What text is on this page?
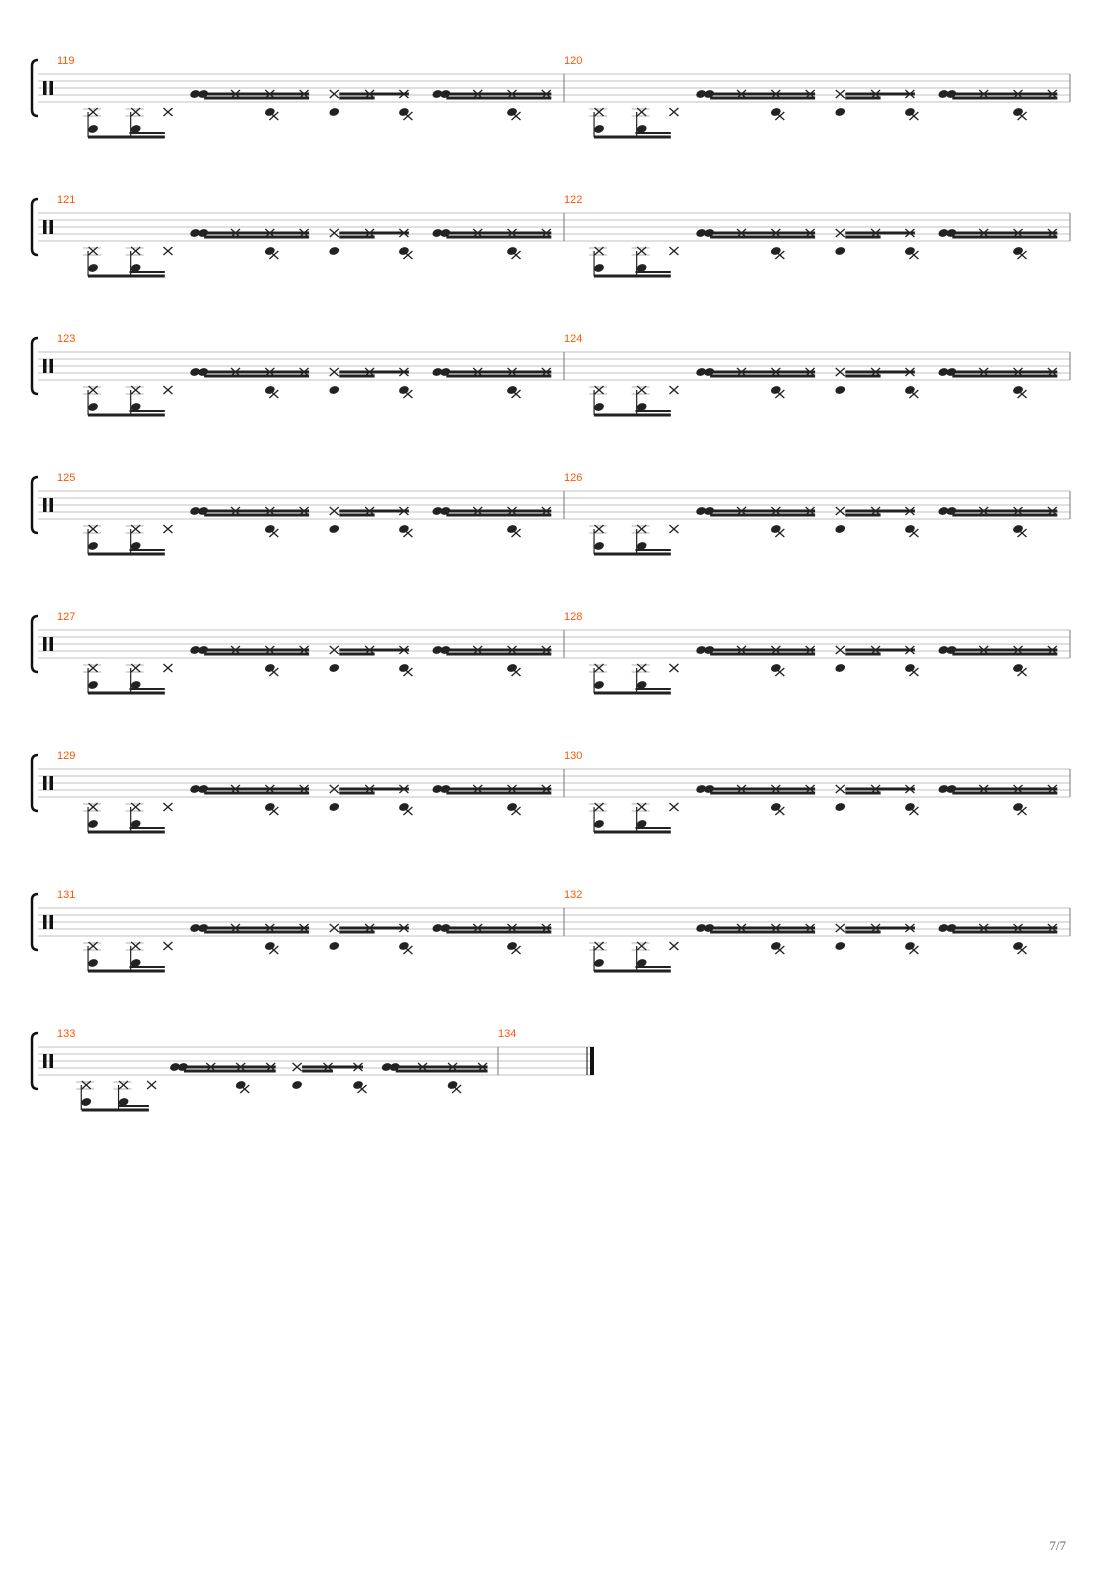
119	120
121	122
123	124
125	126
127	128
129	130
131	132
133	134
7/7
